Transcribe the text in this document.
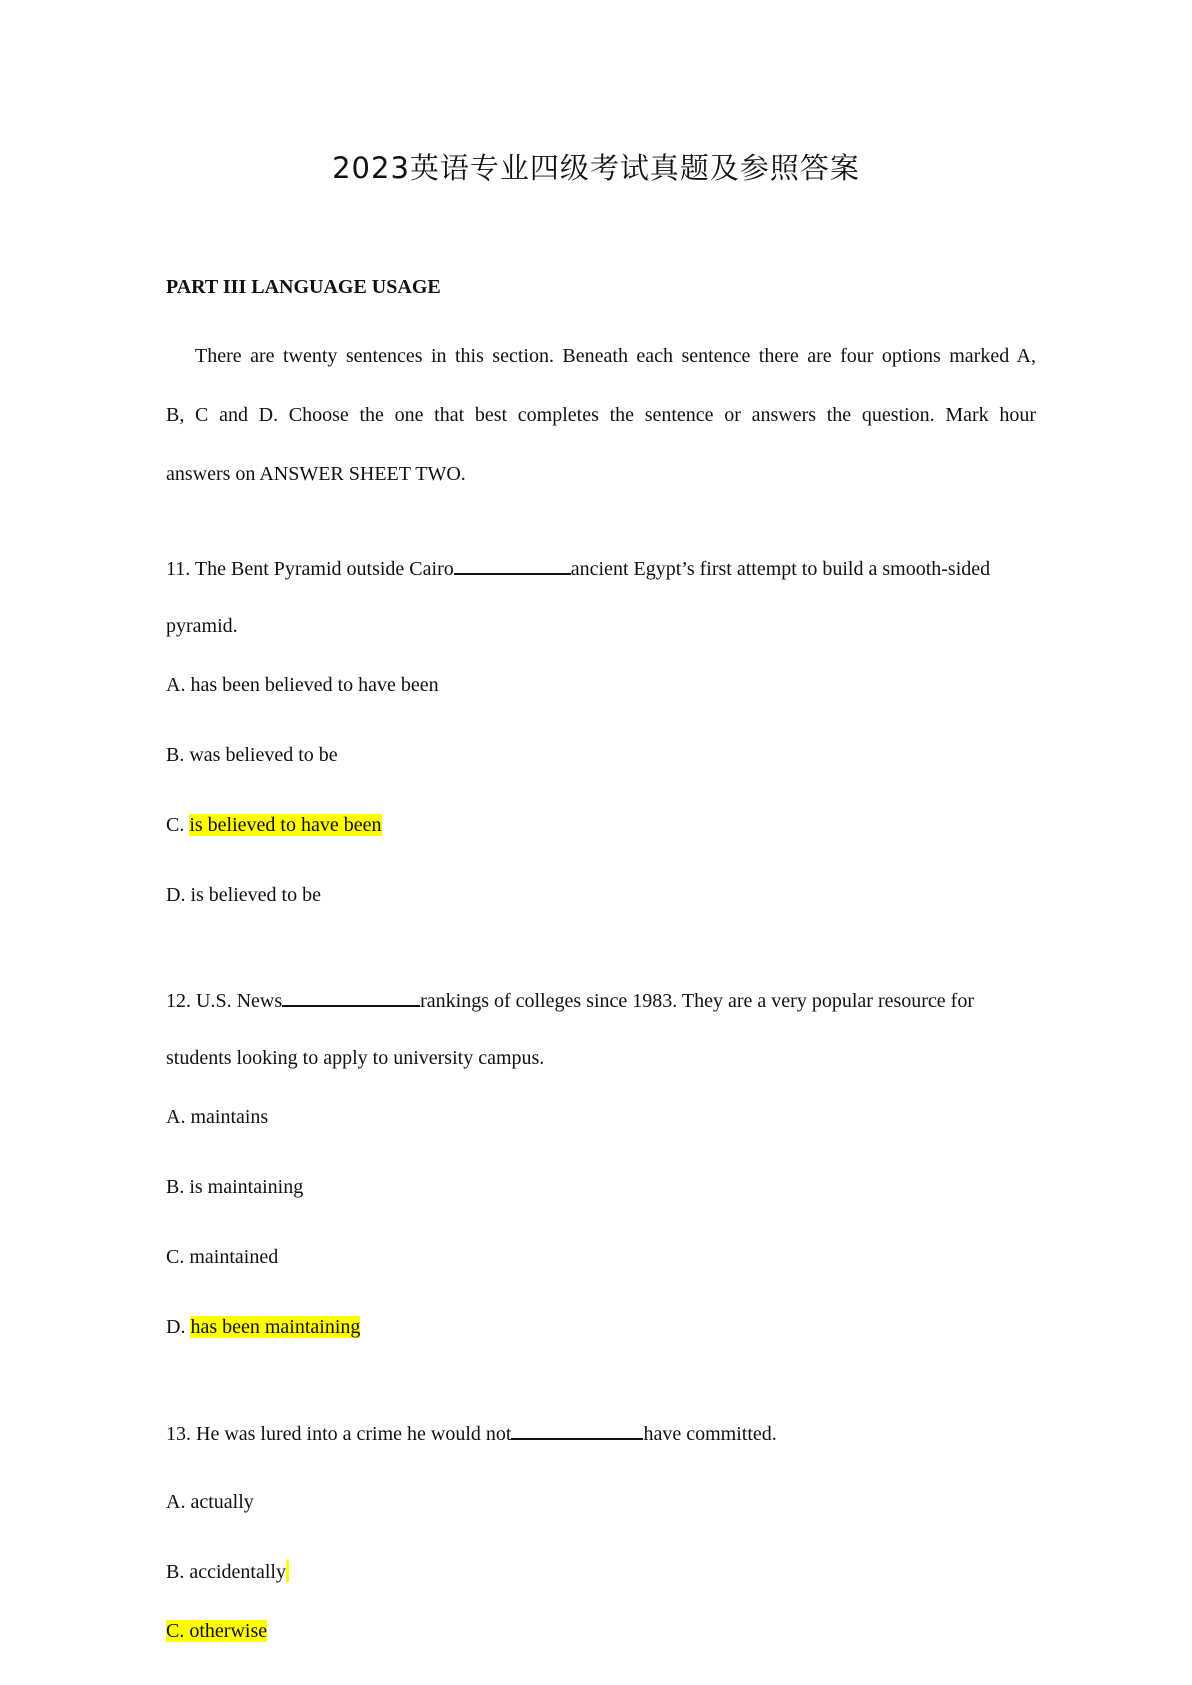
2023英语专业四级考试真题及参照答案
PART III LANGUAGE USAGE
There are twenty sentences in this section. Beneath each sentence there are four options marked A,
B, C and D. Choose the one that best completes the sentence or answers the question. Mark hour
answers on ANSWER SHEET TWO.
11. The Bent Pyramid outside Cairo	ancient Egypt’s first attempt to build a smooth-sided
pyramid.
A. has been believed to have been
B. was believed to be
C. is believed to have been
D. is believed to be
12. U.S. News	rankings of colleges since 1983. They are a very popular resource for
students looking to apply to university campus.
A. maintains
B. is maintaining
C. maintained
D. has been maintaining
13. He was lured into a crime he would not	have committed.
A. actually
B. accidentally
C. otherwise
